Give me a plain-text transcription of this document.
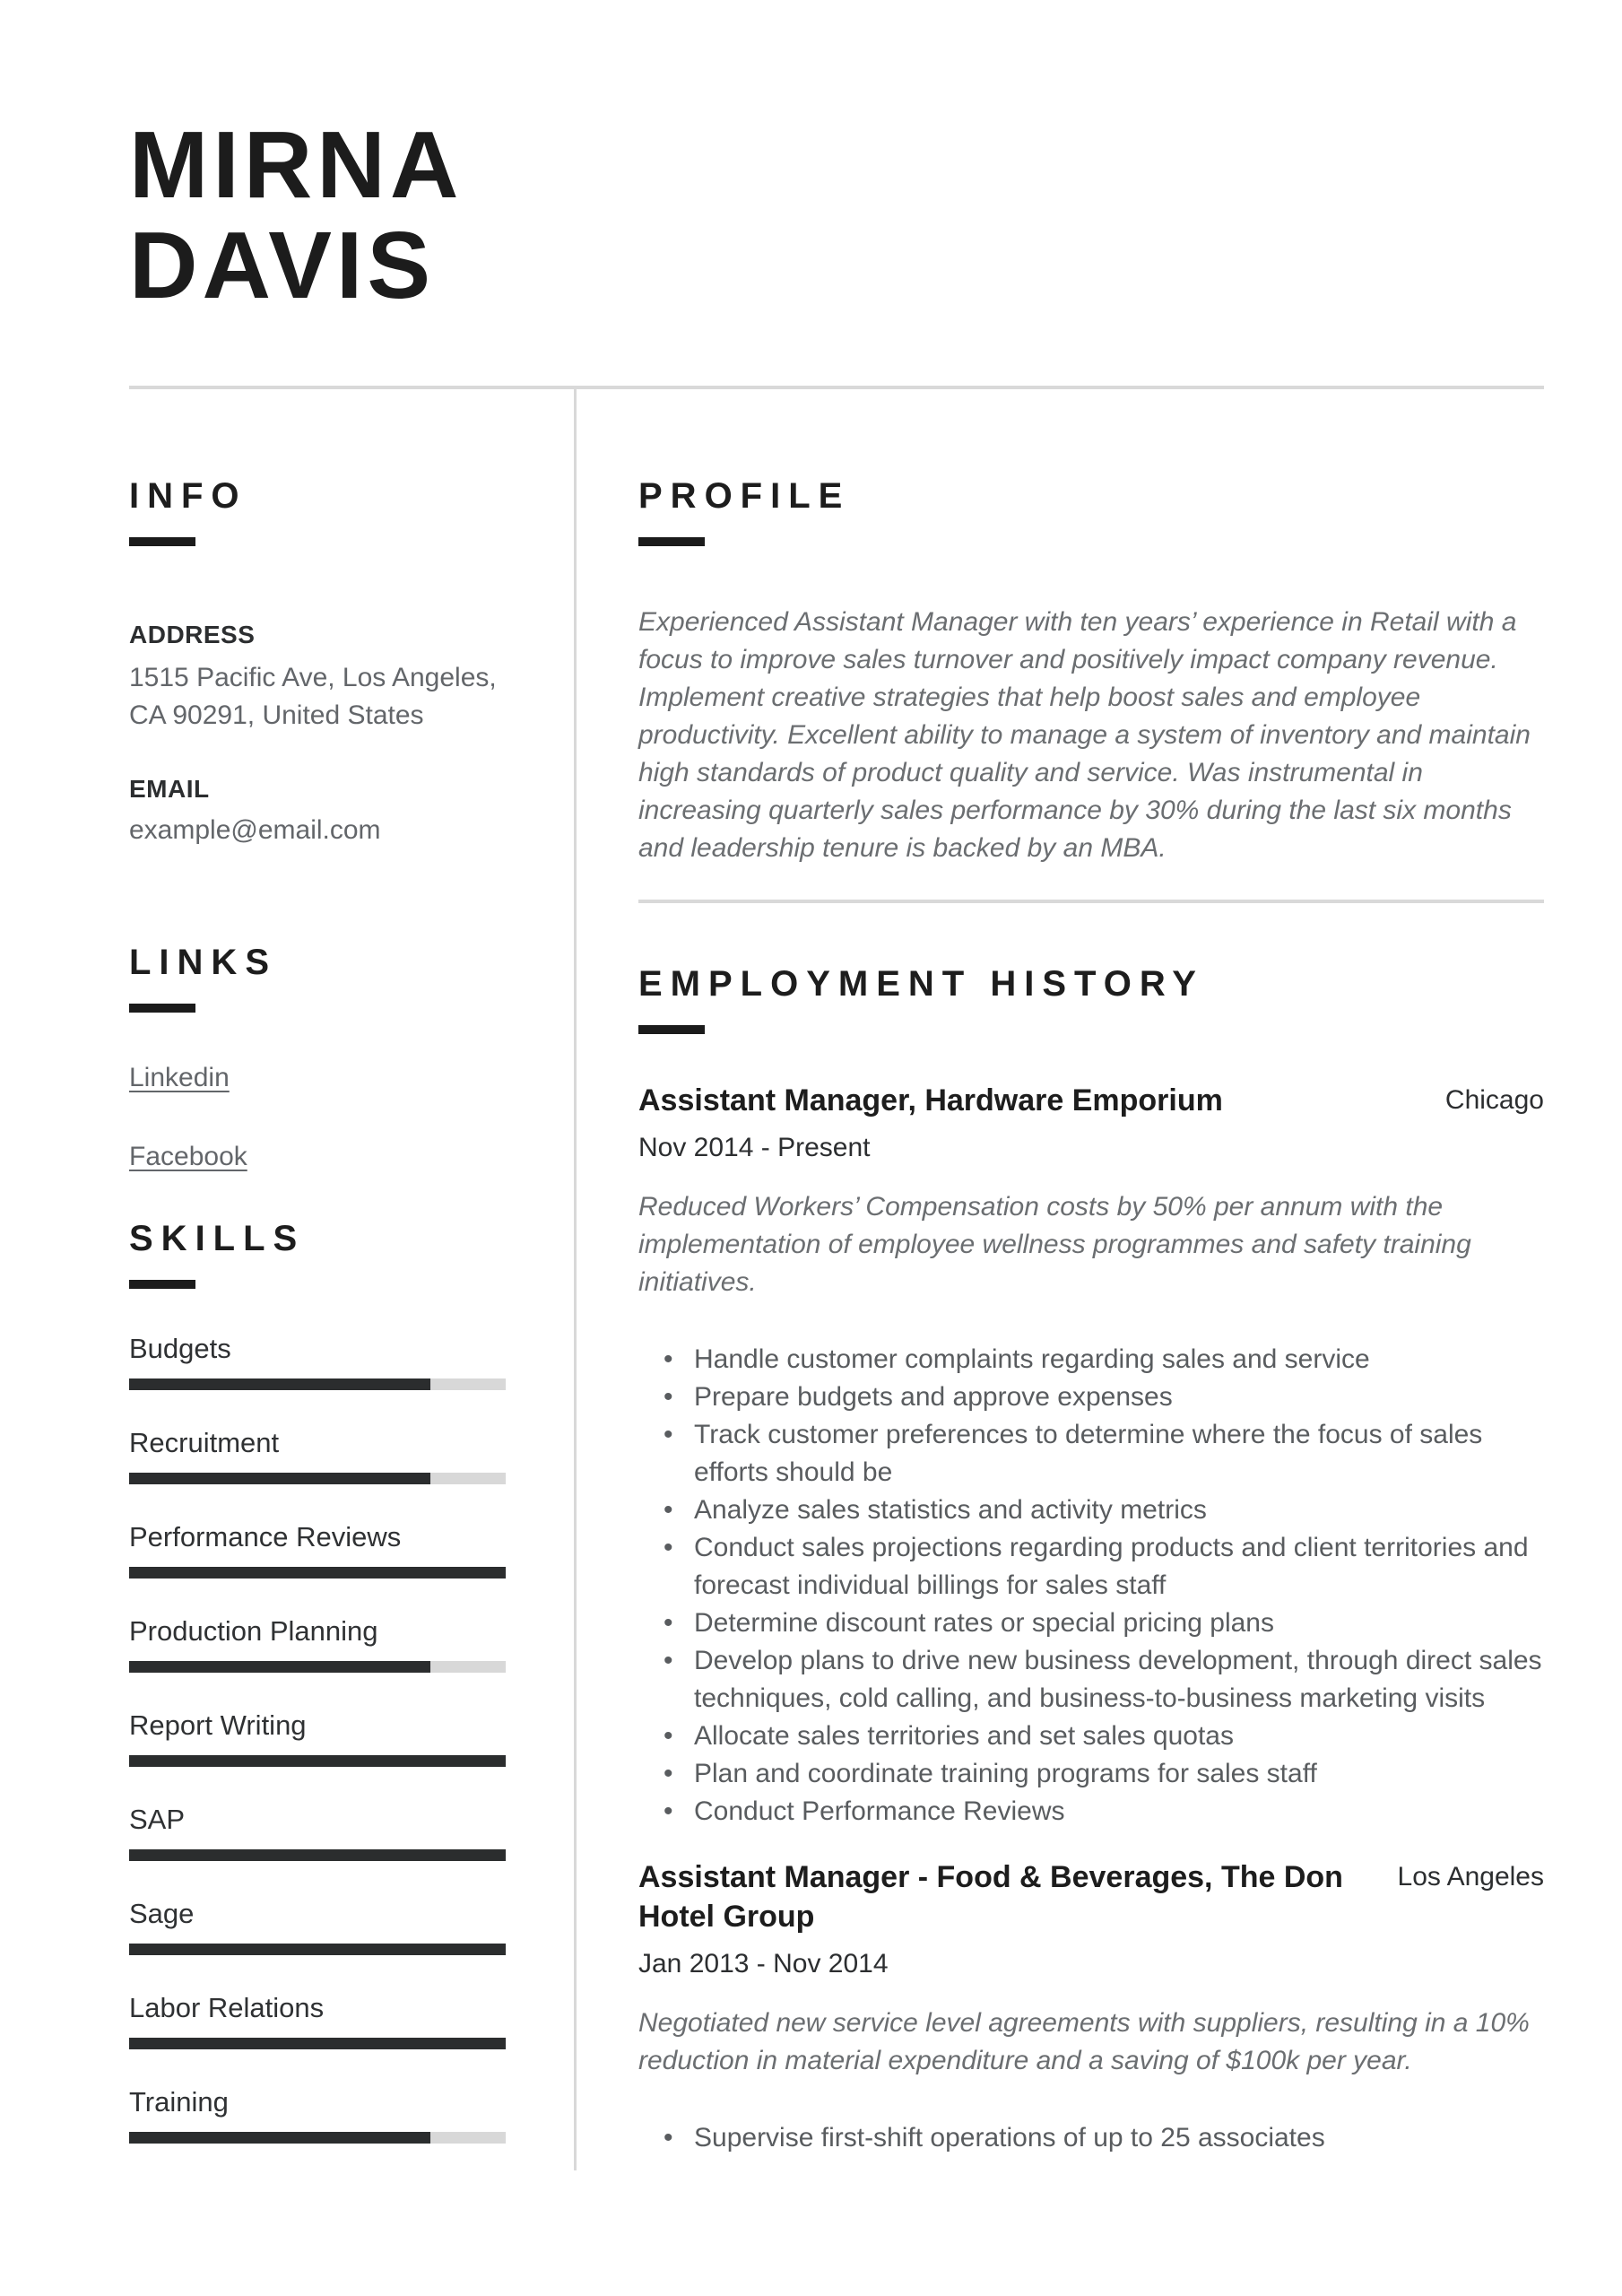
MIRNA
DAVIS
INFO
ADDRESS
1515 Pacific Ave, Los Angeles,
CA 90291, United States
EMAIL
example@email.com
LINKS
Linkedin
Facebook
SKILLS
Budgets
Recruitment
Performance Reviews
Production Planning
Report Writing
SAP
Sage
Labor Relations
Training
PROFILE
Experienced Assistant Manager with ten years’ experience in Retail with a focus to improve sales turnover and positively impact company revenue. Implement creative strategies that help boost sales and employee productivity. Excellent ability to manage a system of inventory and maintain high standards of product quality and service. Was instrumental in increasing quarterly sales performance by 30% during the last six months and leadership tenure is backed by an MBA.
EMPLOYMENT HISTORY
Assistant Manager, Hardware Emporium	Chicago
Nov 2014 - Present
Reduced Workers’ Compensation costs by 50% per annum with the implementation of employee wellness programmes and safety training initiatives.
• Handle customer complaints regarding sales and service
• Prepare budgets and approve expenses
• Track customer preferences to determine where the focus of sales efforts should be
• Analyze sales statistics and activity metrics
• Conduct sales projections regarding products and client territories and forecast individual billings for sales staff
• Determine discount rates or special pricing plans
• Develop plans to drive new business development, through direct sales techniques, cold calling, and business-to-business marketing visits
• Allocate sales territories and set sales quotas
• Plan and coordinate training programs for sales staff
• Conduct Performance Reviews
Assistant Manager - Food & Beverages, The Don Hotel Group
Los Angeles
Jan 2013 - Nov 2014
Negotiated new service level agreements with suppliers, resulting in a 10% reduction in material expenditure and a saving of $100k per year.
• Supervise first-shift operations of up to 25 associates
